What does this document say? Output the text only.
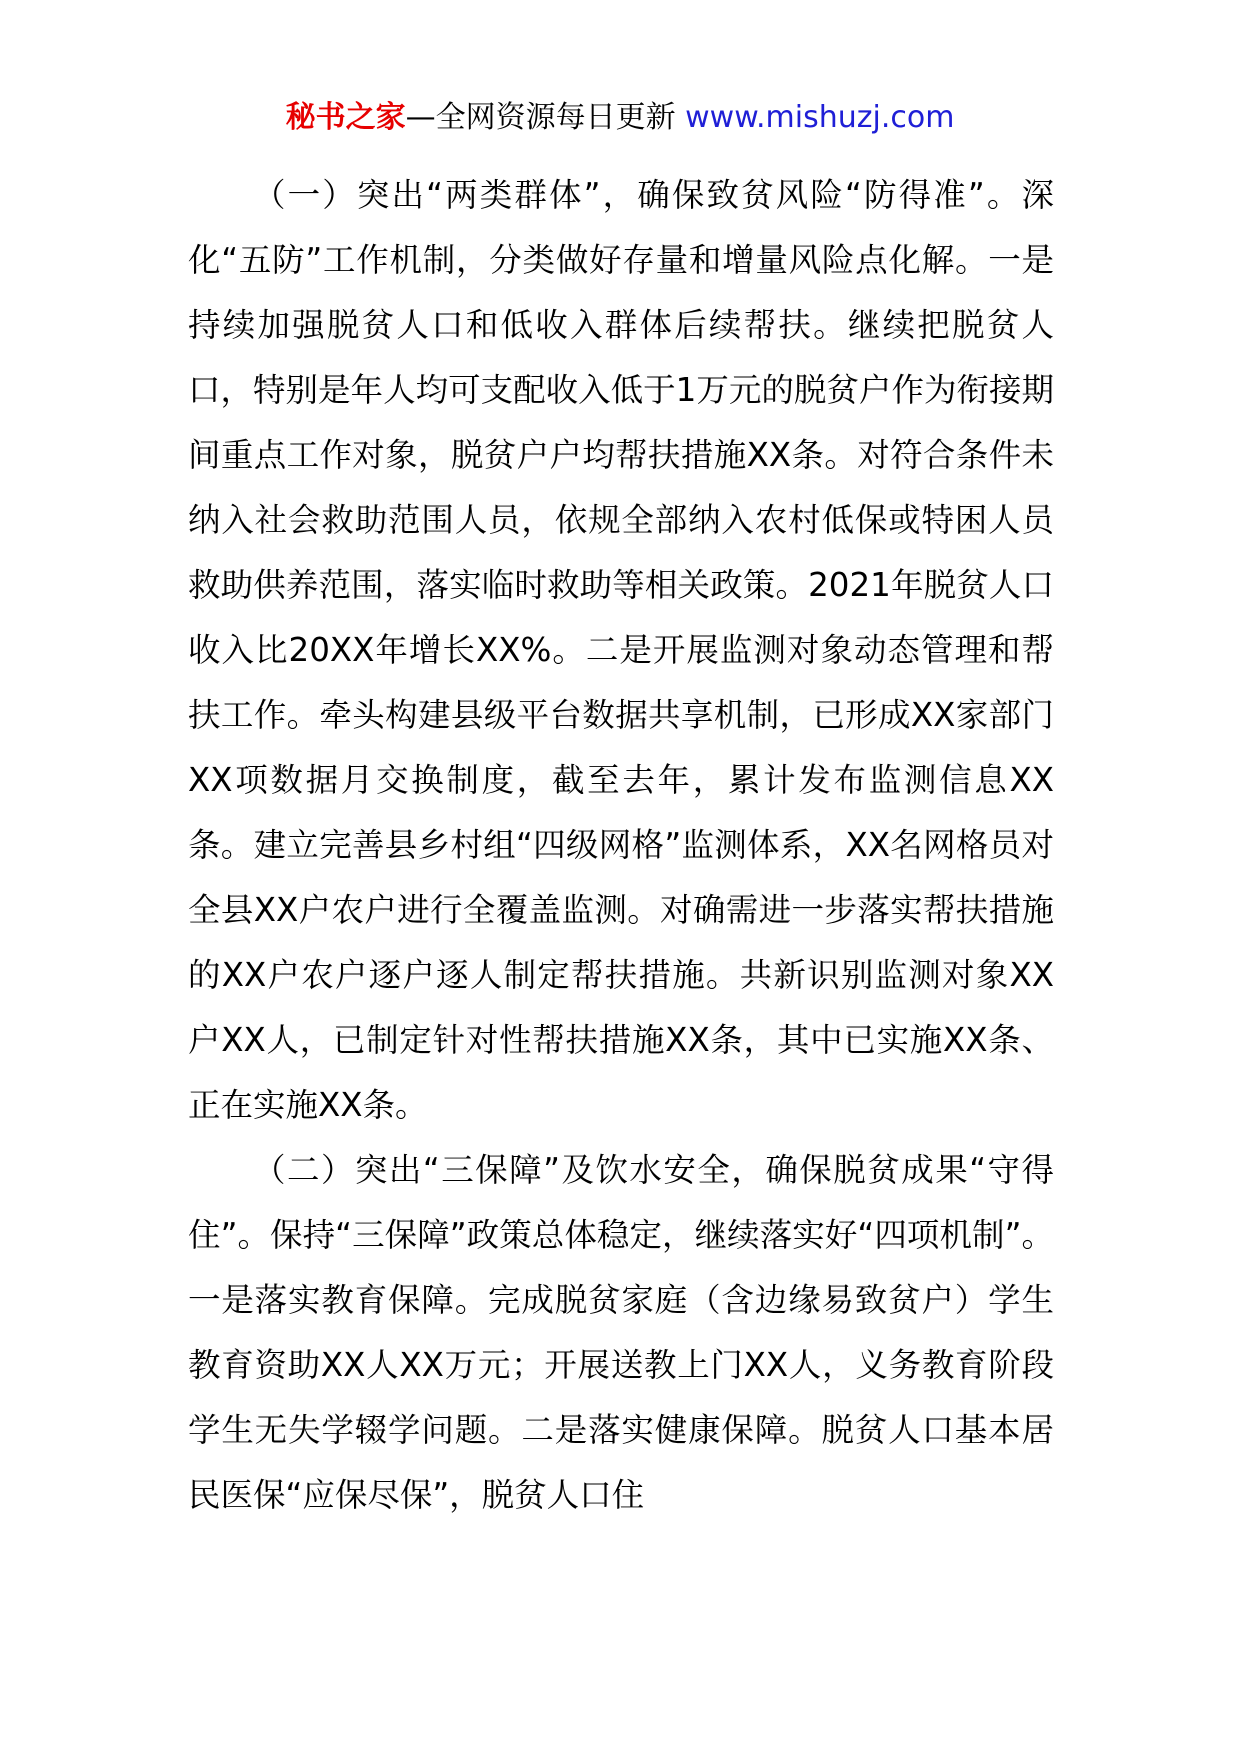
秘书之家—全网资源每日更新 www.mishuzj.com

（一）突出“两类群体”，确保致贫风险“防得准”。深化“五防”工作机制，分类做好存量和增量风险点化解。一是持续加强脱贫人口和低收入群体后续帮扶。继续把脱贫人口，特别是年人均可支配收入低于1万元的脱贫户作为衔接期间重点工作对象，脱贫户户均帮扶措施XX条。对符合条件未纳入社会救助范围人员，依规全部纳入农村低保或特困人员救助供养范围，落实临时救助等相关政策。2021年脱贫人口收入比20XX年增长XX%。二是开展监测对象动态管理和帮扶工作。牵头构建县级平台数据共享机制，已形成XX家部门XX项数据月交换制度，截至去年，累计发布监测信息XX条。建立完善县乡村组“四级网格”监测体系，XX名网格员对全县XX户农户进行全覆盖监测。对确需进一步落实帮扶措施的XX户农户逐户逐人制定帮扶措施。共新识别监测对象XX户XX人，已制定针对性帮扶措施XX条，其中已实施XX条、正在实施XX条。

（二）突出“三保障”及饮水安全，确保脱贫成果“守得住”。保持“三保障”政策总体稳定，继续落实好“四项机制”。一是落实教育保障。完成脱贫家庭（含边缘易致贫户）学生教育资助XX人XX万元；开展送教上门XX人，义务教育阶段学生无失学辍学问题。二是落实健康保障。脱贫人口基本居民医保“应保尽保”，脱贫人口住
